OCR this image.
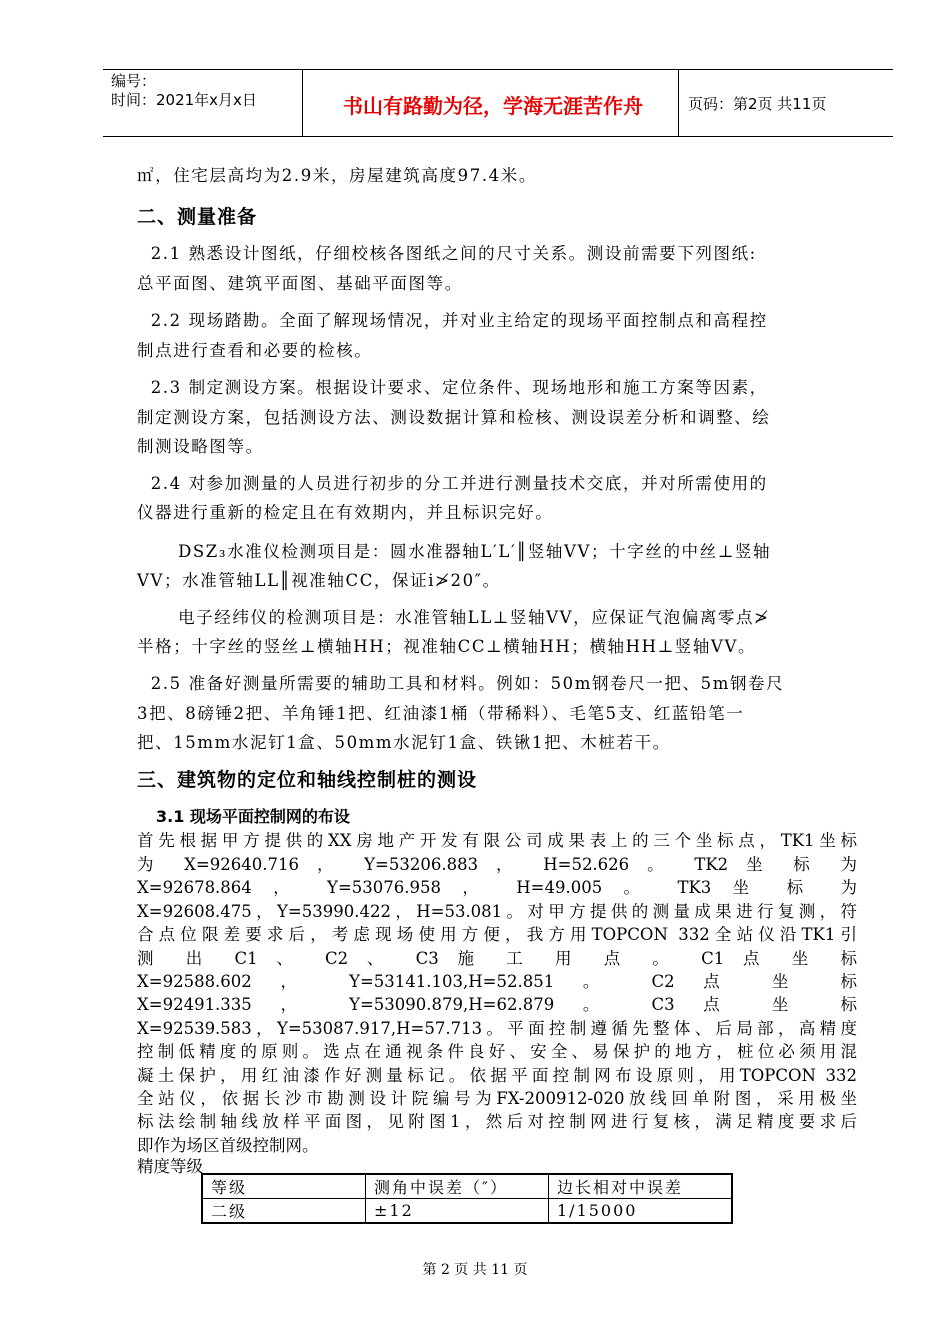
编号：
时间：2021年x月x日	书山有路勤为径，学海无涯苦作舟	页码：第2页 共11页
㎡，住宅层高均为2.9米，房屋建筑高度97.4米。
二、测量准备
2.1 熟悉设计图纸，仔细校核各图纸之间的尺寸关系。测设前需要下列图纸:
总平面图、建筑平面图、基础平面图等。
2.2 现场踏勘。全面了解现场情况，并对业主给定的现场平面控制点和高程控
制点进行查看和必要的检核。
2.3 制定测设方案。根据设计要求、定位条件、现场地形和施工方案等因素，
制定测设方案，包括测设方法、测设数据计算和检核、测设误差分析和调整、绘
制测设略图等。
2.4 对参加测量的人员进行初步的分工并进行测量技术交底，并对所需使用的
仪器进行重新的检定且在有效期内，并且标识完好。
DSZ₃水准仪检测项目是：圆水准器轴L′L′║竖轴VV；十字丝的中丝⊥竖轴
VV；水准管轴LL║视准轴CC，保证i≯20″。
电子经纬仪的检测项目是：水准管轴LL⊥竖轴VV，应保证气泡偏离零点≯
半格；十字丝的竖丝⊥横轴HH；视准轴CC⊥横轴HH；横轴HH⊥竖轴VV。
2.5 准备好测量所需要的辅助工具和材料。例如：50m钢卷尺一把、5m钢卷尺
3把、8磅锤2把、羊角锤1把、红油漆1桶（带稀料）、毛笔5支、红蓝铅笔一
把、15mm水泥钉1盒、50mm水泥钉1盒、铁锹1把、木桩若干。
三、建筑物的定位和轴线控制桩的测设
3.1 现场平面控制网的布设
首先根据甲方提供的XX房地产开发有限公司成果表上的三个坐标点，TK1坐标
为 X=92640.716 ， Y=53206.883 ， H=52.626 。 TK2 坐 标 为
X=92678.864 ， Y=53076.958 ， H=49.005 。 TK3 坐 标 为
X=92608.475，Y=53990.422，H=53.081。对甲方提供的测量成果进行复测，符
合点位限差要求后，考虑现场使用方便，我方用TOPCON 332全站仪沿TK1引
测 出 C1 、 C2 、 C3 施 工 用 点 。 C1 点 坐 标
X=92588.602 ， Y=53141.103,H=52.851 。 C2 点 坐 标
X=92491.335 ， Y=53090.879,H=62.879 。 C3 点 坐 标
X=92539.583，Y=53087.917,H=57.713。平面控制遵循先整体、后局部，高精度
控制低精度的原则。选点在通视条件良好、安全、易保护的地方，桩位必须用混
凝土保护，用红油漆作好测量标记。依据平面控制网布设原则，用TOPCON 332
全站仪，依据长沙市勘测设计院编号为FX-200912-020放线回单附图，采用极坐
标法绘制轴线放样平面图，见附图1，然后对控制网进行复核，满足精度要求后
即作为场区首级控制网。
精度等级
等级	测角中误差（″）	边长相对中误差
二级	±12	1/15000
第 2 页 共 11 页
